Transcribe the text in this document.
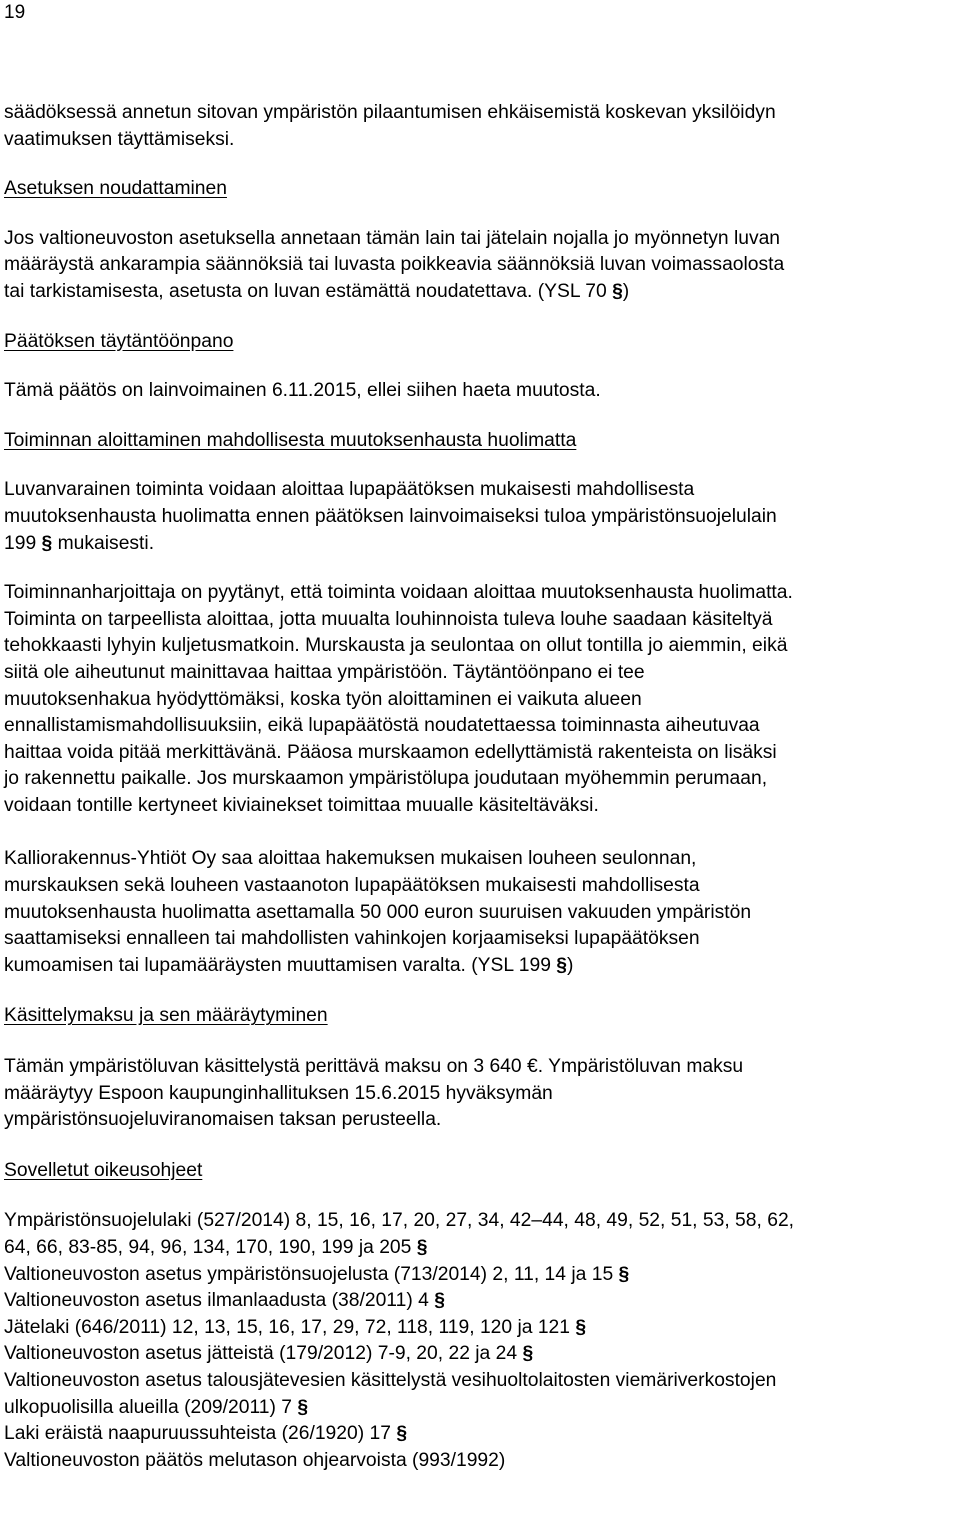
19

säädöksessä annetun sitovan ympäristön pilaantumisen ehkäisemistä koskevan yksilöidyn

vaatimuksen täyttämiseksi.

Asetuksen noudattaminen

Jos valtioneuvoston asetuksella annetaan tämän lain tai jätelain nojalla jo myönnetyn luvan

määräystä ankarampia säännöksiä tai luvasta poikkeavia säännöksiä luvan voimassaolosta

tai tarkistamisesta, asetusta on luvan estämättä noudatettava. (YSL 70 §)

Päätöksen täytäntöönpano

Tämä päätös on lainvoimainen 6.11.2015, ellei siihen haeta muutosta.

Toiminnan aloittaminen mahdollisesta muutoksenhausta huolimatta

Luvanvarainen toiminta voidaan aloittaa lupapäätöksen mukaisesti mahdollisesta

muutoksenhausta huolimatta ennen päätöksen lainvoimaiseksi tuloa ympäristönsuojelulain

199 § mukaisesti.

Toiminnanharjoittaja on pyytänyt, että toiminta voidaan aloittaa muutoksenhausta huolimatta.

Toiminta on tarpeellista aloittaa, jotta muualta louhinnoista tuleva louhe saadaan käsiteltyä

tehokkaasti lyhyin kuljetusmatkoin. Murskausta ja seulontaa on ollut tontilla jo aiemmin, eikä

siitä ole aiheutunut mainittavaa haittaa ympäristöön. Täytäntöönpano ei tee

muutoksenhakua hyödyttömäksi, koska työn aloittaminen ei vaikuta alueen

ennallistamismahdollisuuksiin, eikä lupapäätöstä noudatettaessa toiminnasta aiheutuvaa

haittaa voida pitää merkittävänä. Pääosa murskaamon edellyttämistä rakenteista on lisäksi

jo rakennettu paikalle. Jos murskaamon ympäristölupa joudutaan myöhemmin perumaan,

voidaan tontille kertyneet kiviainekset toimittaa muualle käsiteltäväksi.

Kalliorakennus-Yhtiöt Oy saa aloittaa hakemuksen mukaisen louheen seulonnan,

murskauksen sekä louheen vastaanoton lupapäätöksen mukaisesti mahdollisesta

muutoksenhausta huolimatta asettamalla 50 000 euron suuruisen vakuuden ympäristön

saattamiseksi ennalleen tai mahdollisten vahinkojen korjaamiseksi lupapäätöksen

kumoamisen tai lupamääräysten muuttamisen varalta. (YSL 199 §)

Käsittelymaksu ja sen määräytyminen

Tämän ympäristöluvan käsittelystä perittävä maksu on 3 640 €. Ympäristöluvan maksu

määräytyy Espoon kaupunginhallituksen 15.6.2015 hyväksymän

ympäristönsuojeluviranomaisen taksan perusteella.

Sovelletut oikeusohjeet

Ympäristönsuojelulaki (527/2014) 8, 15, 16, 17, 20, 27, 34, 42–44, 48, 49, 52, 51, 53, 58, 62,

64, 66, 83-85, 94, 96, 134, 170, 190, 199 ja 205 §

Valtioneuvoston asetus ympäristönsuojelusta (713/2014) 2, 11, 14 ja 15 §

Valtioneuvoston asetus ilmanlaadusta (38/2011) 4 §

Jätelaki (646/2011) 12, 13, 15, 16, 17, 29, 72, 118, 119, 120 ja 121 §

Valtioneuvoston asetus jätteistä (179/2012) 7-9, 20, 22 ja 24 §

Valtioneuvoston asetus talousjätevesien käsittelystä vesihuoltolaitosten viemäriverkostojen

ulkopuolisilla alueilla (209/2011) 7 §

Laki eräistä naapuruussuhteista (26/1920) 17 §

Valtioneuvoston päätös melutason ohjearvoista (993/1992)
